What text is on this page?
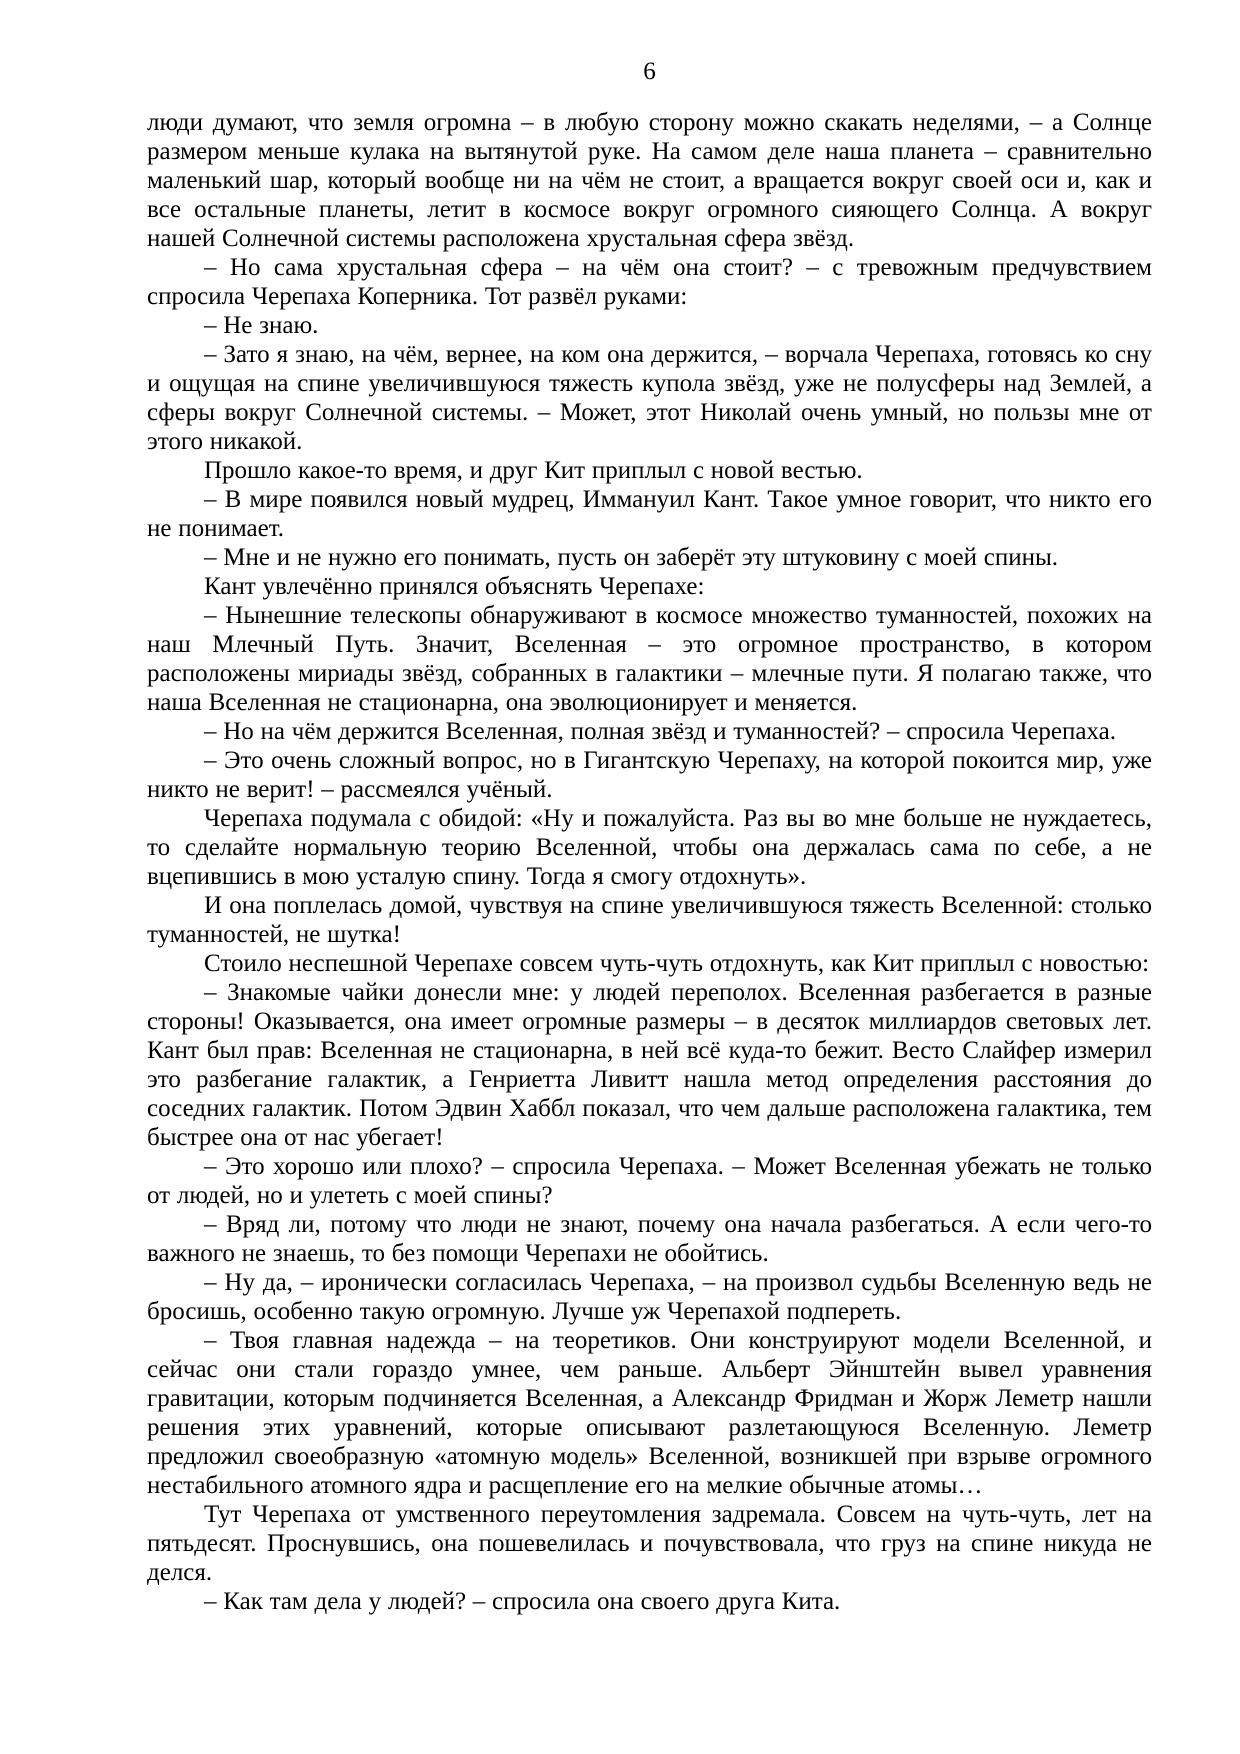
6

люди думают, что земля огромна – в любую сторону можно скакать неделями, – а Солнце размером меньше кулака на вытянутой руке. На самом деле наша планета – сравнительно маленький шар, который вообще ни на чём не стоит, а вращается вокруг своей оси и, как и все остальные планеты, летит в космосе вокруг огромного сияющего Солнца. А вокруг нашей Солнечной системы расположена хрустальная сфера звёзд.

– Но сама хрустальная сфера – на чём она стоит? – с тревожным предчувствием спросила Черепаха Коперника. Тот развёл руками:

– Не знаю.

– Зато я знаю, на чём, вернее, на ком она держится, – ворчала Черепаха, готовясь ко сну и ощущая на спине увеличившуюся тяжесть купола звёзд, уже не полусферы над Землей, а сферы вокруг Солнечной системы. – Может, этот Николай очень умный, но пользы мне от этого никакой.

Прошло какое-то время, и друг Кит приплыл с новой вестью.

– В мире появился новый мудрец, Иммануил Кант. Такое умное говорит, что никто его не понимает.

– Мне и не нужно его понимать, пусть он заберёт эту штуковину с моей спины.

Кант увлечённо принялся объяснять Черепахе:

– Нынешние телескопы обнаруживают в космосе множество туманностей, похожих на наш Млечный Путь. Значит, Вселенная – это огромное пространство, в котором расположены мириады звёзд, собранных в галактики – млечные пути. Я полагаю также, что наша Вселенная не стационарна, она эволюционирует и меняется.

– Но на чём держится Вселенная, полная звёзд и туманностей? – спросила Черепаха.

– Это очень сложный вопрос, но в Гигантскую Черепаху, на которой покоится мир, уже никто не верит! – рассмеялся учёный.

Черепаха подумала с обидой: «Ну и пожалуйста. Раз вы во мне больше не нуждаетесь, то сделайте нормальную теорию Вселенной, чтобы она держалась сама по себе, а не вцепившись в мою усталую спину. Тогда я смогу отдохнуть».

И она поплелась домой, чувствуя на спине увеличившуюся тяжесть Вселенной: столько туманностей, не шутка!

Стоило неспешной Черепахе совсем чуть-чуть отдохнуть, как Кит приплыл с новостью:

– Знакомые чайки донесли мне: у людей переполох. Вселенная разбегается в разные стороны! Оказывается, она имеет огромные размеры – в десяток миллиардов световых лет. Кант был прав: Вселенная не стационарна, в ней всё куда-то бежит. Весто Слайфер измерил это разбегание галактик, а Генриетта Ливитт нашла метод определения расстояния до соседних галактик. Потом Эдвин Хаббл показал, что чем дальше расположена галактика, тем быстрее она от нас убегает!

– Это хорошо или плохо? – спросила Черепаха. – Может Вселенная убежать не только от людей, но и улететь с моей спины?

– Вряд ли, потому что люди не знают, почему она начала разбегаться. А если чего-то важного не знаешь, то без помощи Черепахи не обойтись.

– Ну да, – иронически согласилась Черепаха, – на произвол судьбы Вселенную ведь не бросишь, особенно такую огромную. Лучше уж Черепахой подпереть.

– Твоя главная надежда – на теоретиков. Они конструируют модели Вселенной, и сейчас они стали гораздо умнее, чем раньше. Альберт Эйнштейн вывел уравнения гравитации, которым подчиняется Вселенная, а Александр Фридман и Жорж Леметр нашли решения этих уравнений, которые описывают разлетающуюся Вселенную. Леметр предложил своеобразную «атомную модель» Вселенной, возникшей при взрыве огромного нестабильного атомного ядра и расщепление его на мелкие обычные атомы…

Тут Черепаха от умственного переутомления задремала. Совсем на чуть-чуть, лет на пятьдесят. Проснувшись, она пошевелилась и почувствовала, что груз на спине никуда не делся.

– Как там дела у людей? – спросила она своего друга Кита.
